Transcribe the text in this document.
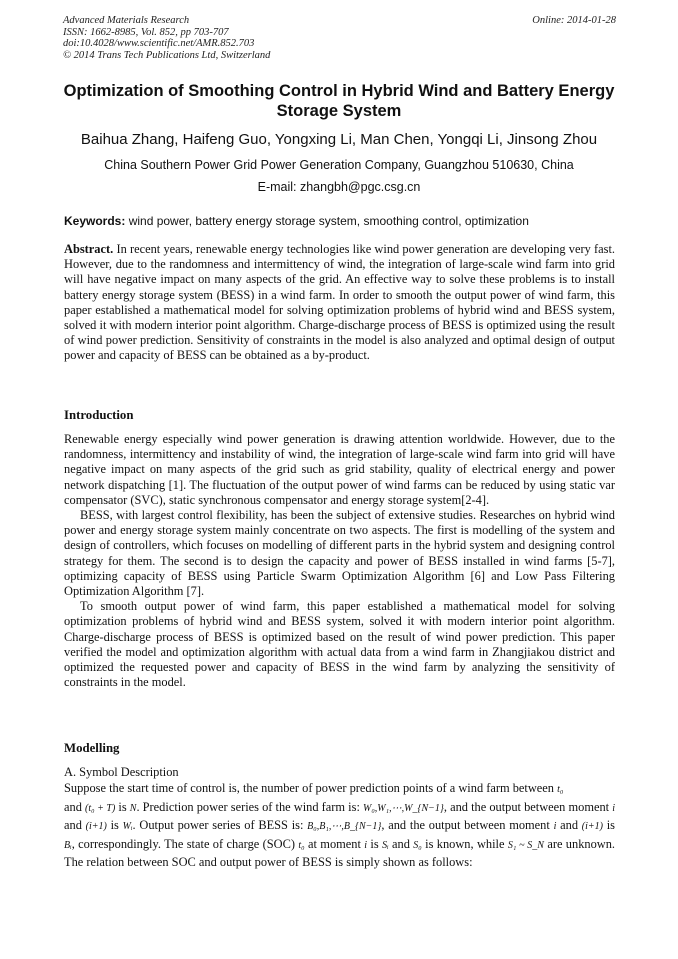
Advanced Materials Research
ISSN: 1662-8985, Vol. 852, pp 703-707
doi:10.4028/www.scientific.net/AMR.852.703
© 2014 Trans Tech Publications Ltd, Switzerland
Online: 2014-01-28
Optimization of Smoothing Control in Hybrid Wind and Battery Energy Storage System
Baihua Zhang, Haifeng Guo, Yongxing Li, Man Chen, Yongqi Li, Jinsong Zhou
China Southern Power Grid Power Generation Company, Guangzhou 510630, China
E-mail: zhangbh@pgc.csg.cn
Keywords: wind power, battery energy storage system, smoothing control, optimization

Abstract. In recent years, renewable energy technologies like wind power generation are developing very fast. However, due to the randomness and intermittency of wind, the integration of large-scale wind farm into grid will have negative impact on many aspects of the grid. An effective way to solve these problems is to install battery energy storage system (BESS) in a wind farm. In order to smooth the output power of wind farm, this paper established a mathematical model for solving optimization problems of hybrid wind and BESS system, solved it with modern interior point algorithm. Charge-discharge process of BESS is optimized using the result of wind power prediction. Sensitivity of constraints in the model is also analyzed and optimal design of output power and capacity of BESS can be obtained as a by-product.

Introduction

Renewable energy especially wind power generation is drawing attention worldwide. However, due to the randomness, intermittency and instability of wind, the integration of large-scale wind farm into grid will have negative impact on many aspects of the grid such as grid stability, quality of electrical energy and power network dispatching [1]. The fluctuation of the output power of wind farms can be reduced by using static var compensator (SVC), static synchronous compensator and energy storage system[2-4].

BESS, with largest control flexibility, has been the subject of extensive studies. Researches on hybrid wind power and energy storage system mainly concentrate on two aspects. The first is modelling of the system and design of controllers, which focuses on modelling of different parts in the hybrid system and designing control strategy for them. The second is to design the capacity and power of BESS installed in wind farms [5-7], optimizing capacity of BESS using Particle Swarm Optimization Algorithm [6] and Low Pass Filtering Optimization Algorithm [7].

To smooth output power of wind farm, this paper established a mathematical model for solving optimization problems of hybrid wind and BESS system, solved it with modern interior point algorithm. Charge-discharge process of BESS is optimized based on the result of wind power prediction. This paper verified the model and optimization algorithm with actual data from a wind farm in Zhangjiakou district and optimized the requested power and capacity of BESS in the wind farm by analyzing the sensitivity of constraints in the model.

Modelling
A. Symbol Description

Suppose the start time of control is, the number of power prediction points of a wind farm between t₀
and (t₀ + T) is N. Prediction power series of the wind farm is: W₀,W₁,⋯,W_{N−1}, and the output between moment i and (i+1) is Wᵢ. Output power series of BESS is: B₀,B₁,⋯,B_{N−1}, and the output between moment i and (i+1) is Bᵢ, correspondingly. The state of charge (SOC) t₀ at moment i is Sᵢ and S₀ is known, while S₁ ~ S_N are unknown. The relation between SOC and output power of BESS is simply shown as follows:
